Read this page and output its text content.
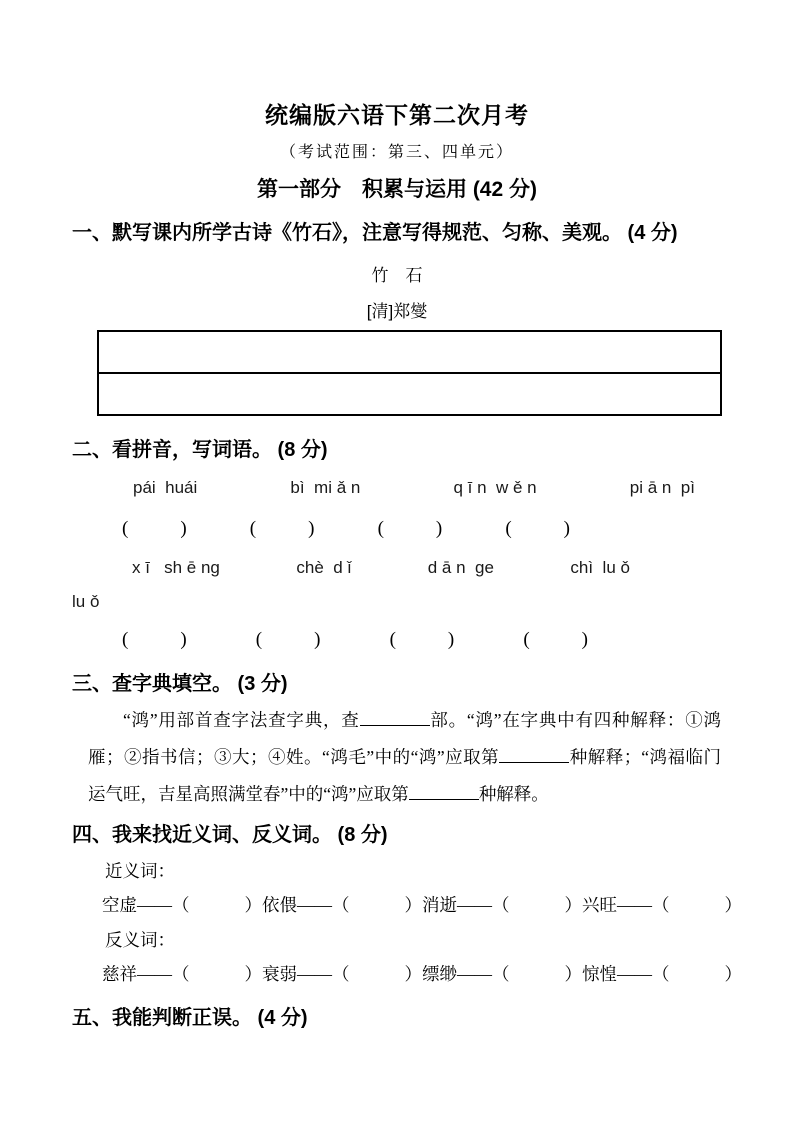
统编版六语下第二次月考
（考试范围：第三、四单元）
第一部分　积累与运用 (42 分)
一、默写课内所学古诗《竹石》，注意写得规范、匀称、美观。 (4 分)
竹　石
[清]郑燮
二、看拼音，写词语。 (8 分)
pái  huái	bì  mi ǎ n	q ī n  w ě n	pi ā n  pì
(	)	(	)	(	)	(	)
x ī   sh ē ng	chè  d ǐ	d ā n  ge	chì  lu ǒ
lu ǒ
(	)	(	)	(	)	(	)
三、查字典填空。 (3 分)
“鸿”用部首查字法查字典，查	部。“鸿”在字典中有四种解释：①鸿雁；②指书信；③大；④姓。“鸿毛”中的“鸿”应取第	种解释；“鸿福临门运气旺，吉星高照满堂春”中的“鸿”应取第	种解释。
四、我来找近义词、反义词。 (8 分)
近义词：
空虚——（	） 依偎——（	） 消逝——（	） 兴旺——（	）
反义词：
慈祥——（	） 衰弱——（	） 缥缈——（	） 惊惶——（	）
五、我能判断正误。 (4 分)
